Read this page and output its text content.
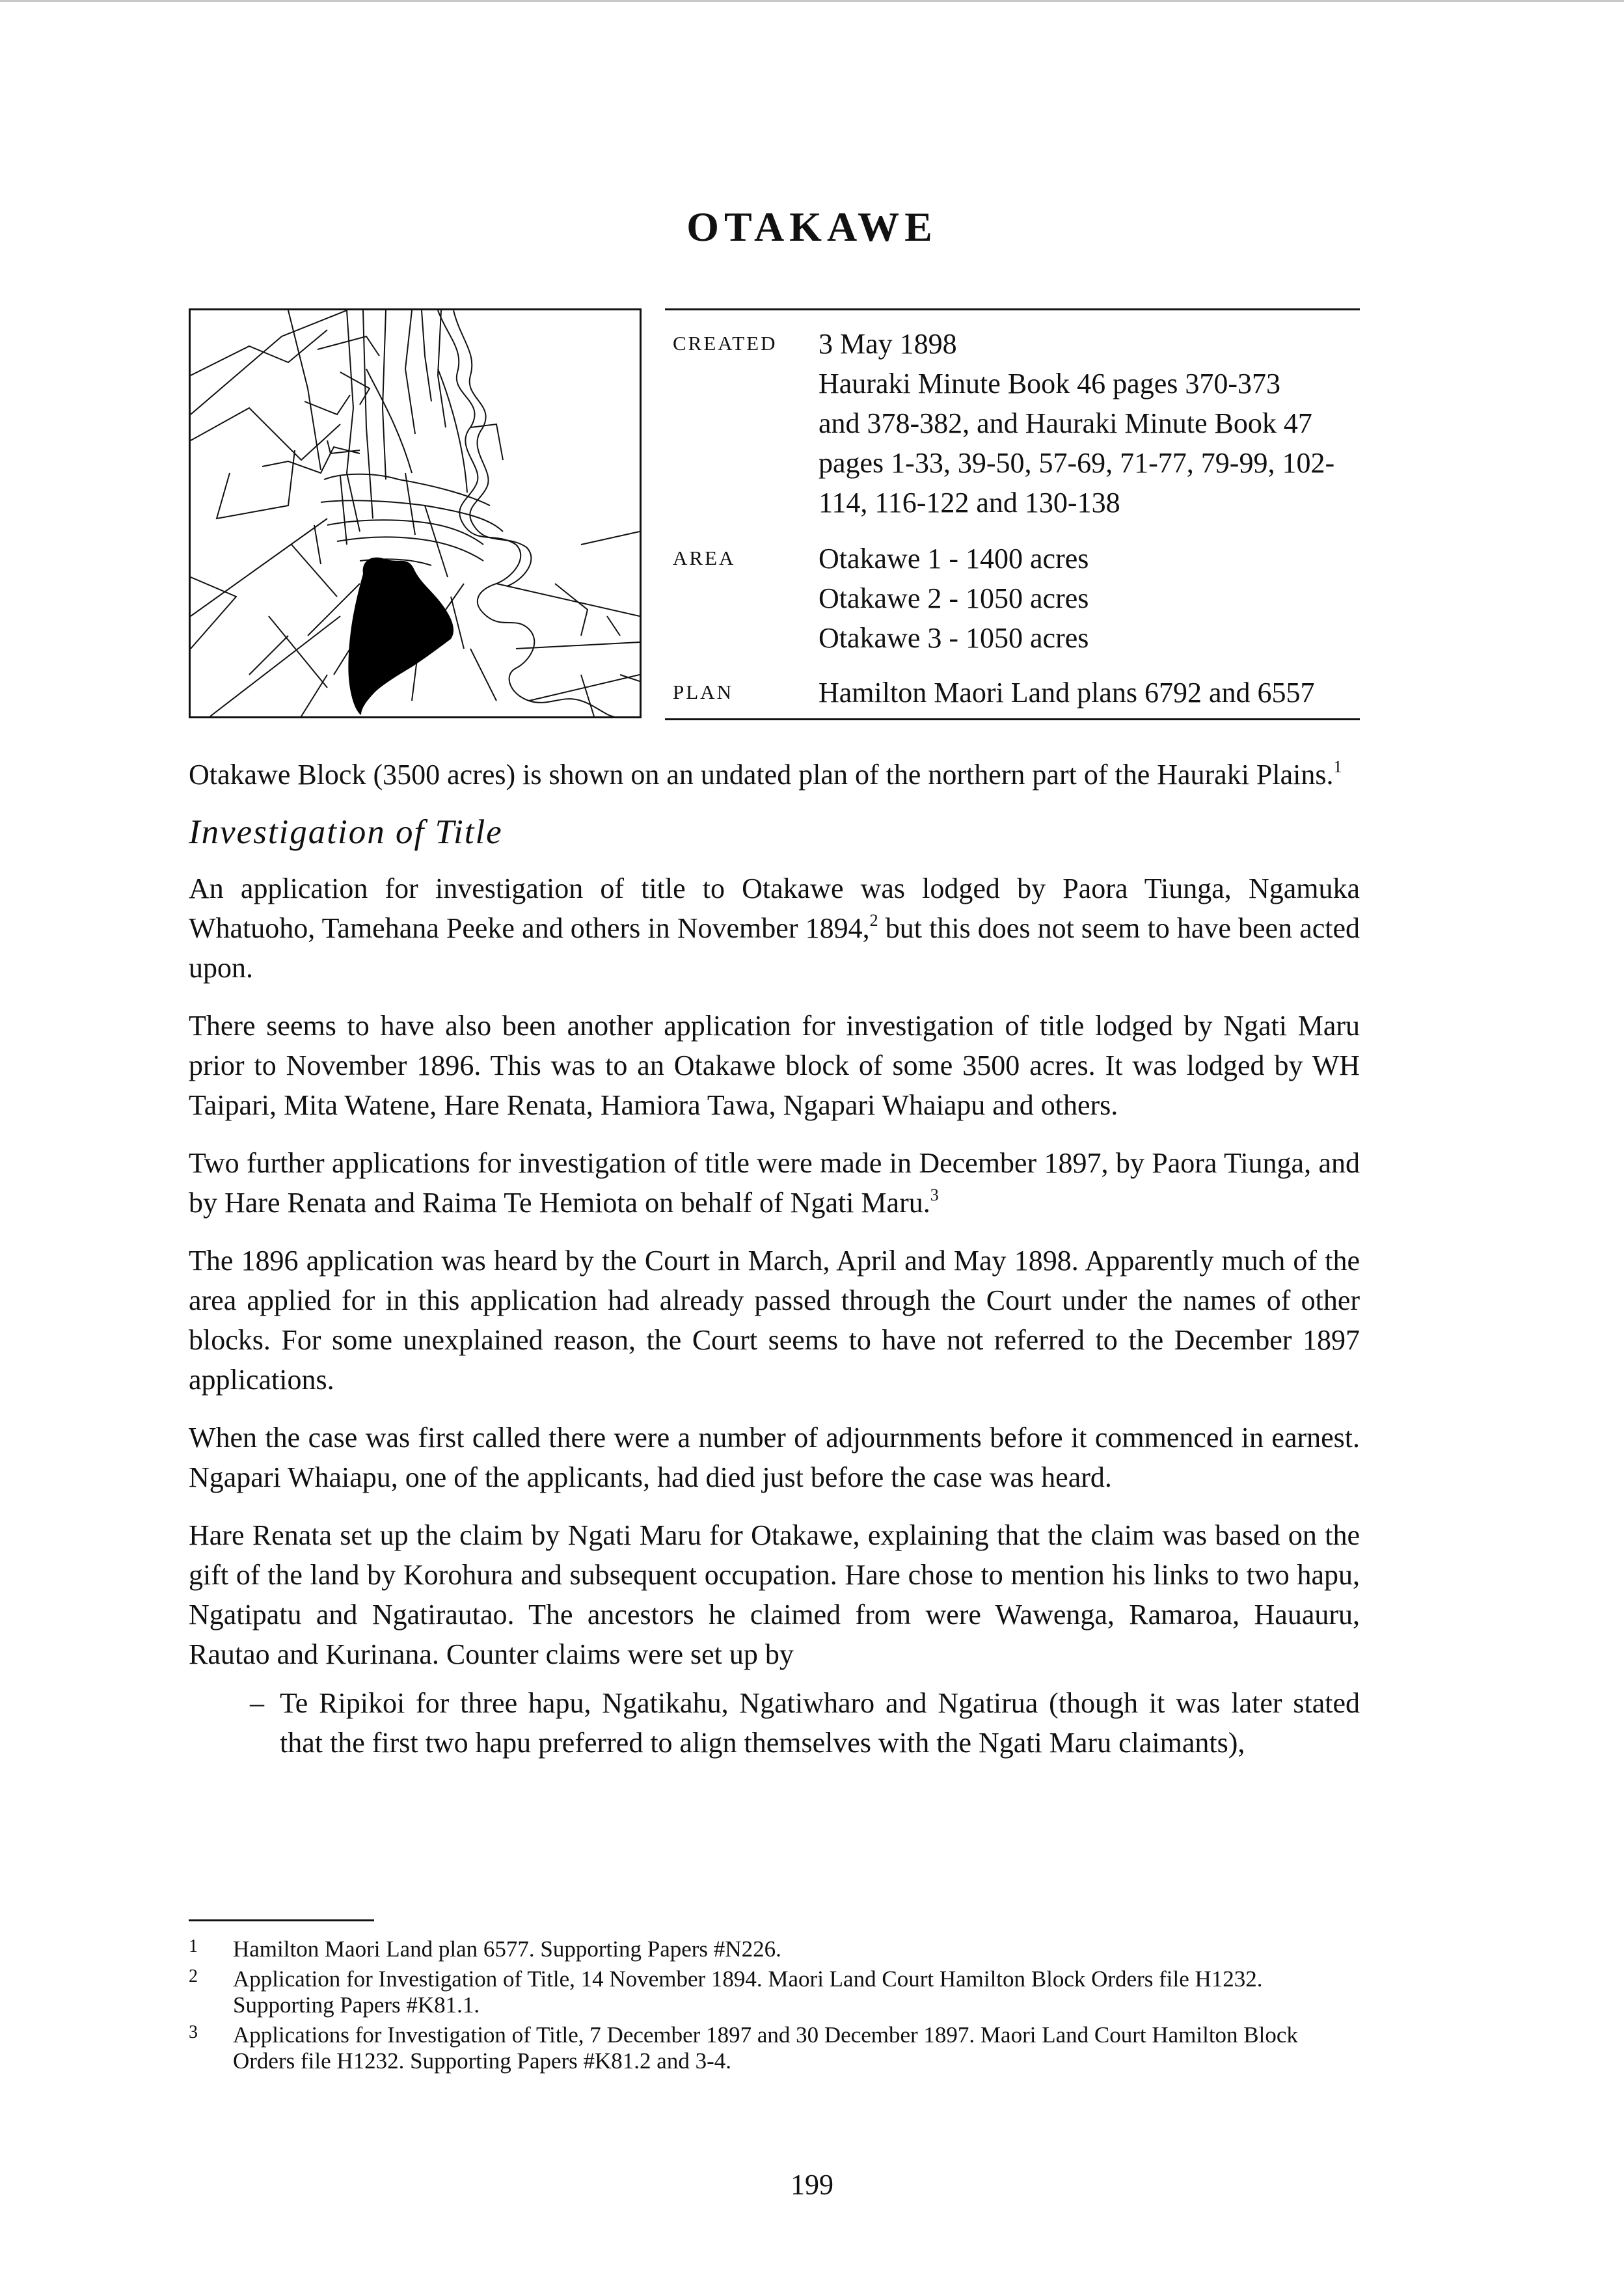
OTAKAWE
CREATED 3 May 1898
Hauraki Minute Book 46 pages 370-373
and 378-382, and Hauraki Minute Book 47
pages 1-33, 39-50, 57-69, 71-77, 79-99, 102-
114, 116-122 and 130-138
AREA	Otakawe 1 - 1400 acres
Otakawe 2 - 1050 acres
Otakawe 3 - 1050 acres
PLAN	Hamilton Maori Land plans 6792 and 6557

Otakawe Block (3500 acres) is shown on an undated plan of the northern part of the Hauraki Plains.$^1$

Investigation of Title

An application for investigation of title to Otakawe was lodged by Paora Tiunga, Ngamuka Whatuoho, Tamehana Peeke and others in November 1894,$^2$ but this does not seem to have been acted upon.

There seems to have also been another application for investigation of title lodged by Ngati Maru prior to November 1896. This was to an Otakawe block of some 3500 acres. It was lodged by WH Taipari, Mita Watene, Hare Renata, Hamiora Tawa, Ngapari Whaiapu and others.

Two further applications for investigation of title were made in December 1897, by Paora Tiunga, and by Hare Renata and Raima Te Hemiota on behalf of Ngati Maru.$^3$

The 1896 application was heard by the Court in March, April and May 1898. Apparently much of the area applied for in this application had already passed through the Court under the names of other blocks. For some unexplained reason, the Court seems to have not referred to the December 1897 applications.

When the case was first called there were a number of adjournments before it commenced in earnest. Ngapari Whaiapu, one of the applicants, had died just before the case was heard.

Hare Renata set up the claim by Ngati Maru for Otakawe, explaining that the claim was based on the gift of the land by Korohura and subsequent occupation. Hare chose to mention his links to two hapu, Ngatipatu and Ngatirautao. The ancestors he claimed from were Wawenga, Ramaroa, Hauauru, Rautao and Kurinana. Counter claims were set up by

– Te Ripikoi for three hapu, Ngatikahu, Ngatiwharo and Ngatirua (though it was later stated that the first two hapu preferred to align themselves with the Ngati Maru claimants),

1 Hamilton Maori Land plan 6577. Supporting Papers #N226.
2 Application for Investigation of Title, 14 November 1894. Maori Land Court Hamilton Block Orders file H1232. Supporting Papers #K81.1.
3 Applications for Investigation of Title, 7 December 1897 and 30 December 1897. Maori Land Court Hamilton Block Orders file H1232. Supporting Papers #K81.2 and 3-4.
199
